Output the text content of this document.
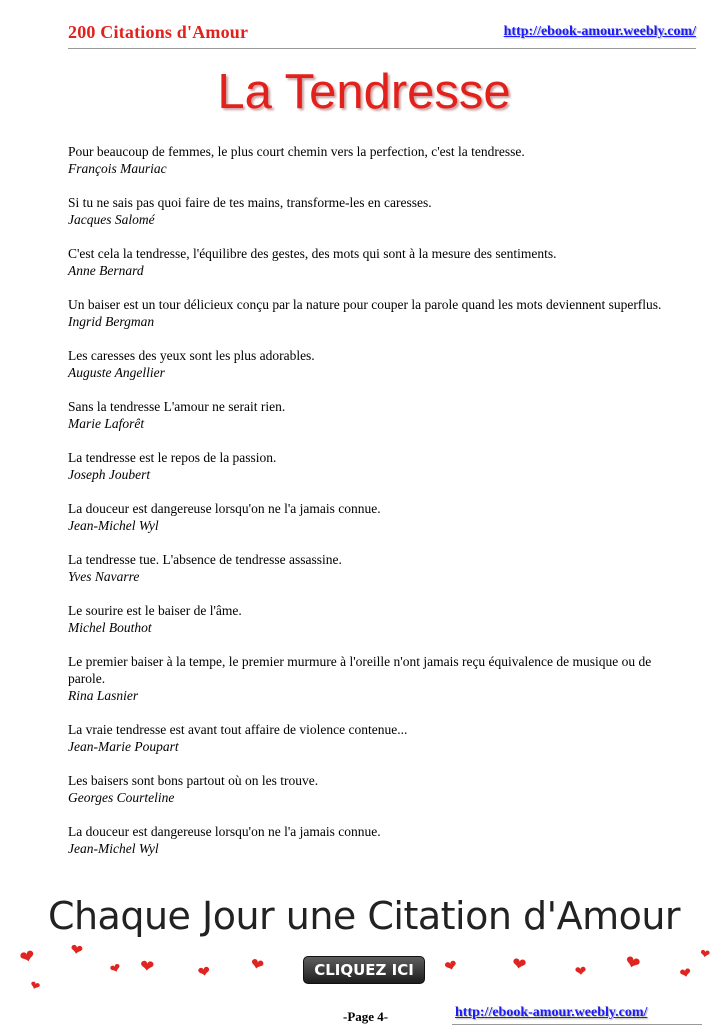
200 Citations d'Amour	http://ebook-amour.weebly.com/
La Tendresse
Pour beaucoup de femmes, le plus court chemin vers la perfection, c'est la tendresse.
François Mauriac
Si tu ne sais pas quoi faire de tes mains, transforme-les en caresses.
Jacques Salomé
C'est cela la tendresse, l'équilibre des gestes, des mots qui sont à la mesure des sentiments.
Anne Bernard
Un baiser est un tour délicieux conçu par la nature pour couper la parole quand les mots deviennent superflus.
Ingrid Bergman
Les caresses des yeux sont les plus adorables.
Auguste Angellier
Sans la tendresse L'amour ne serait rien.
Marie Laforêt
La tendresse est le repos de la passion.
Joseph Joubert
La douceur est dangereuse lorsqu'on ne l'a jamais connue.
Jean-Michel Wyl
La tendresse tue. L'absence de tendresse assassine.
Yves Navarre
Le sourire est le baiser de l'âme.
Michel Bouthot
Le premier baiser à la tempe, le premier murmure à l'oreille n'ont jamais reçu équivalence de musique ou de parole.
Rina Lasnier
La vraie tendresse est avant tout affaire de violence contenue...
Jean-Marie Poupart
Les baisers sont bons partout où on les trouve.
Georges Courteline
La douceur est dangereuse lorsqu'on ne l'a jamais connue.
Jean-Michel Wyl
Chaque Jour une Citation d'Amour
❤ ❤
❤ ❤	❤ ❤
❤
❤	❤	❤ ❤	❤
❤
CLIQUEZ ICI
-Page 4-	http://ebook-amour.weebly.com/
